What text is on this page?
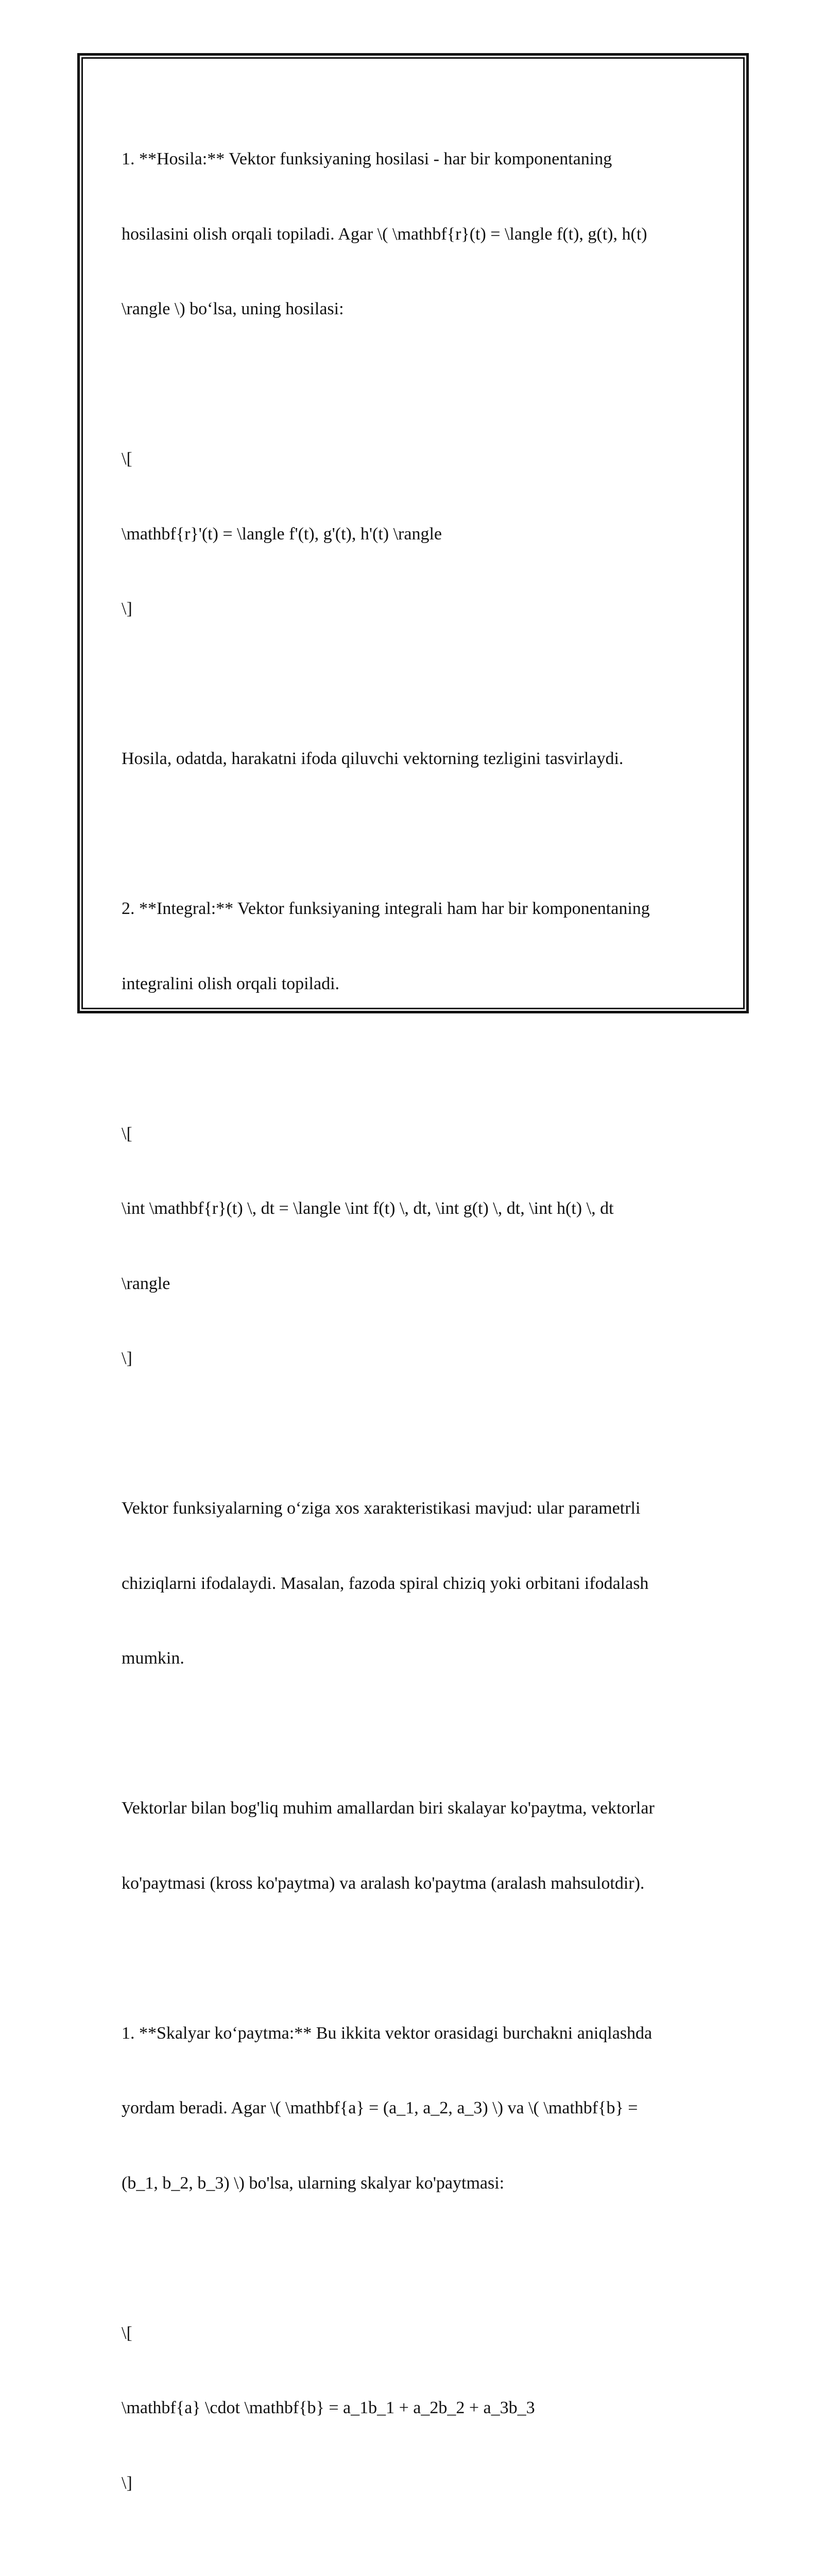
1. **Hosila:** Vektor funksiyaning hosilasi - har bir komponentaning

hosilasini olish orqali topiladi. Agar \( \mathbf{r}(t) = \langle f(t), g(t), h(t)

\rangle \) bo‘lsa, uning hosilasi:

\[

\mathbf{r}'(t) = \langle f'(t), g'(t), h'(t) \rangle

\]

Hosila, odatda, harakatni ifoda qiluvchi vektorning tezligini tasvirlaydi.

2. **Integral:** Vektor funksiyaning integrali ham har bir komponentaning

integralini olish orqali topiladi.

\[

\int \mathbf{r}(t) \, dt = \langle \int f(t) \, dt, \int g(t) \, dt, \int h(t) \, dt

\rangle

\]

Vektor funksiyalarning o‘ziga xos xarakteristikasi mavjud: ular parametrli

chiziqlarni ifodalaydi. Masalan, fazoda spiral chiziq yoki orbitani ifodalash

mumkin.

Vektorlar bilan bog'liq muhim amallardan biri skalayar ko'paytma, vektorlar

ko'paytmasi (kross ko'paytma) va aralash ko'paytma (aralash mahsulotdir).

1. **Skalyar ko‘paytma:** Bu ikkita vektor orasidagi burchakni aniqlashda

yordam beradi. Agar \( \mathbf{a} = (a_1, a_2, a_3) \) va \( \mathbf{b} =

(b_1, b_2, b_3) \) bo'lsa, ularning skalyar ko'paytmasi:

\[

\mathbf{a} \cdot \mathbf{b} = a_1b_1 + a_2b_2 + a_3b_3

\]
